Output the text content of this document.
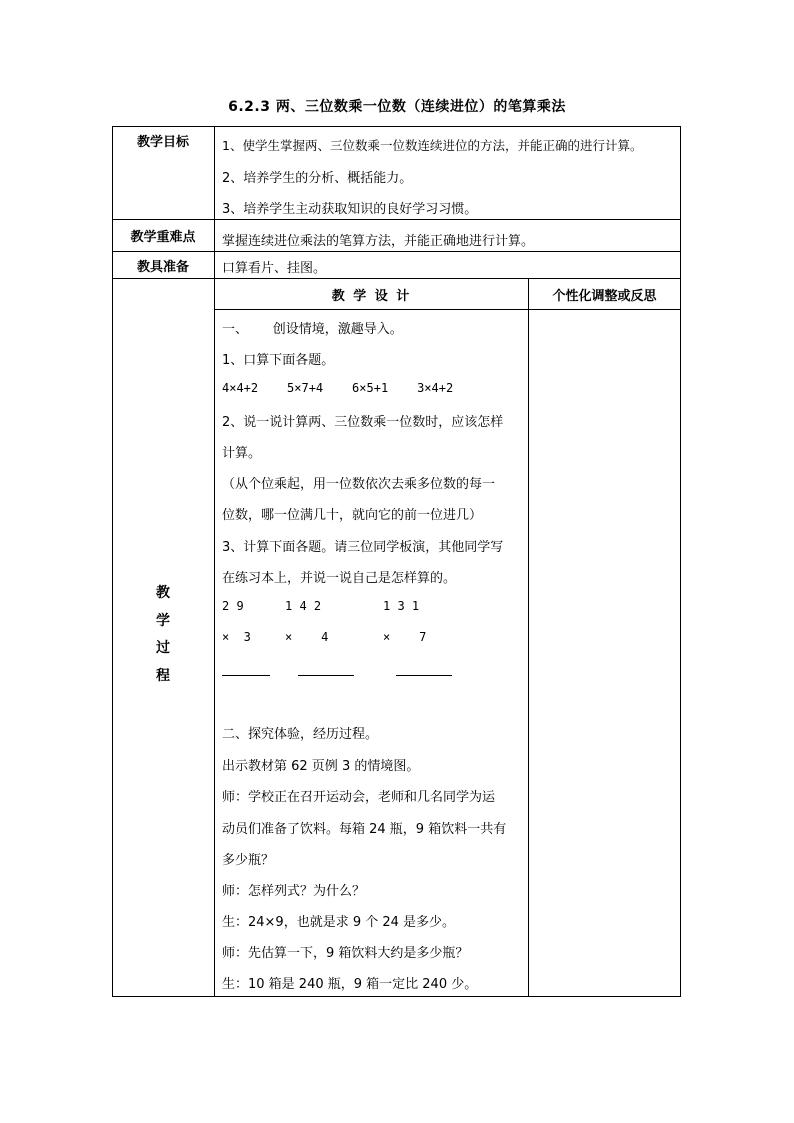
6.2.3 两、三位数乘一位数（连续进位）的笔算乘法
教学目标	1、使学生掌握两、三位数乘一位数连续进位的方法，并能正确的进行计算。
2、培养学生的分析、概括能力。
3、培养学生主动获取知识的良好学习习惯。
教学重难点	掌握连续进位乘法的笔算方法，并能正确地进行计算。
教具准备	口算看片、挂图。
教 学 设 计	个性化调整或反思
教
学
过
程
一、      创设情境，激趣导入。
1、口算下面各题。
4×4+2    5×7+4    6×5+1    3×4+2
2、说一说计算两、三位数乘一位数时，应该怎样
计算。
（从个位乘起，用一位数依次去乘多位数的每一
位数，哪一位满几十，就向它的前一位进几）
3、计算下面各题。请三位同学板演，其他同学写
在练习本上，并说一说自己是怎样算的。
2 9
×  3
1 4 2
×    4
1 3 1
×    7
二、探究体验，经历过程。
出示教材第 62 页例 3 的情境图。
师：学校正在召开运动会，老师和几名同学为运
动员们准备了饮料。每箱 24 瓶，9 箱饮料一共有
多少瓶？
师：怎样列式？为什么？
生：24×9，也就是求 9 个 24 是多少。
师：先估算一下，9 箱饮料大约是多少瓶？
生：10 箱是 240 瓶，9 箱一定比 240 少。
